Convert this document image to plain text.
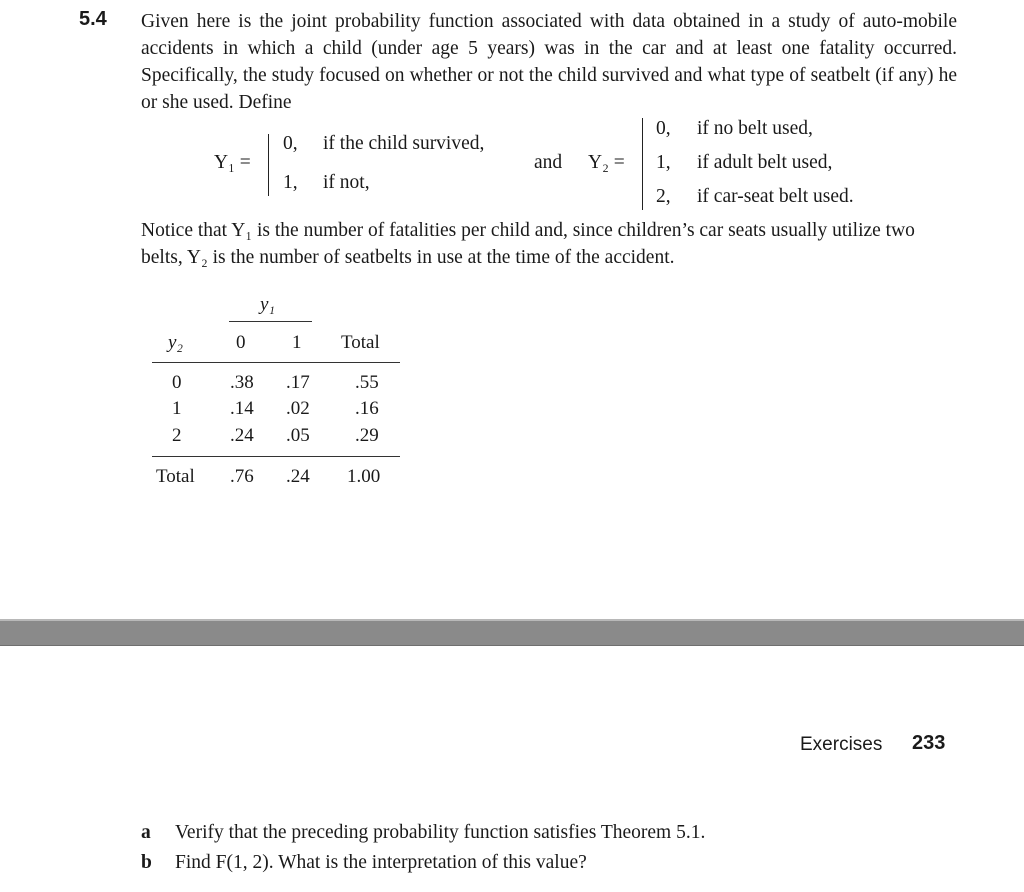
5.4 Given here is the joint probability function associated with data obtained in a study of auto-mobile accidents in which a child (under age 5 years) was in the car and at least one fatality occurred. Specifically, the study focused on whether or not the child survived and what type of seatbelt (if any) he or she used. Define
Y₁ =
0, if the child survived,
1, if not,
and Y₂ =
0, if no belt used,
1, if adult belt used,
2, if car-seat belt used.
Notice that Y₁ is the number of fatalities per child and, since children’s car seats usually utilize two belts, Y₂ is the number of seatbelts in use at the time of the accident.
y₁
y₂	0 1 Total
0	.38 .17 .55
1	.14 .02 .16
2	.24 .05 .29
Total .76 .24 1.00
Exercises 233
a Verify that the preceding probability function satisfies Theorem 5.1.
b Find F(1, 2). What is the interpretation of this value?
